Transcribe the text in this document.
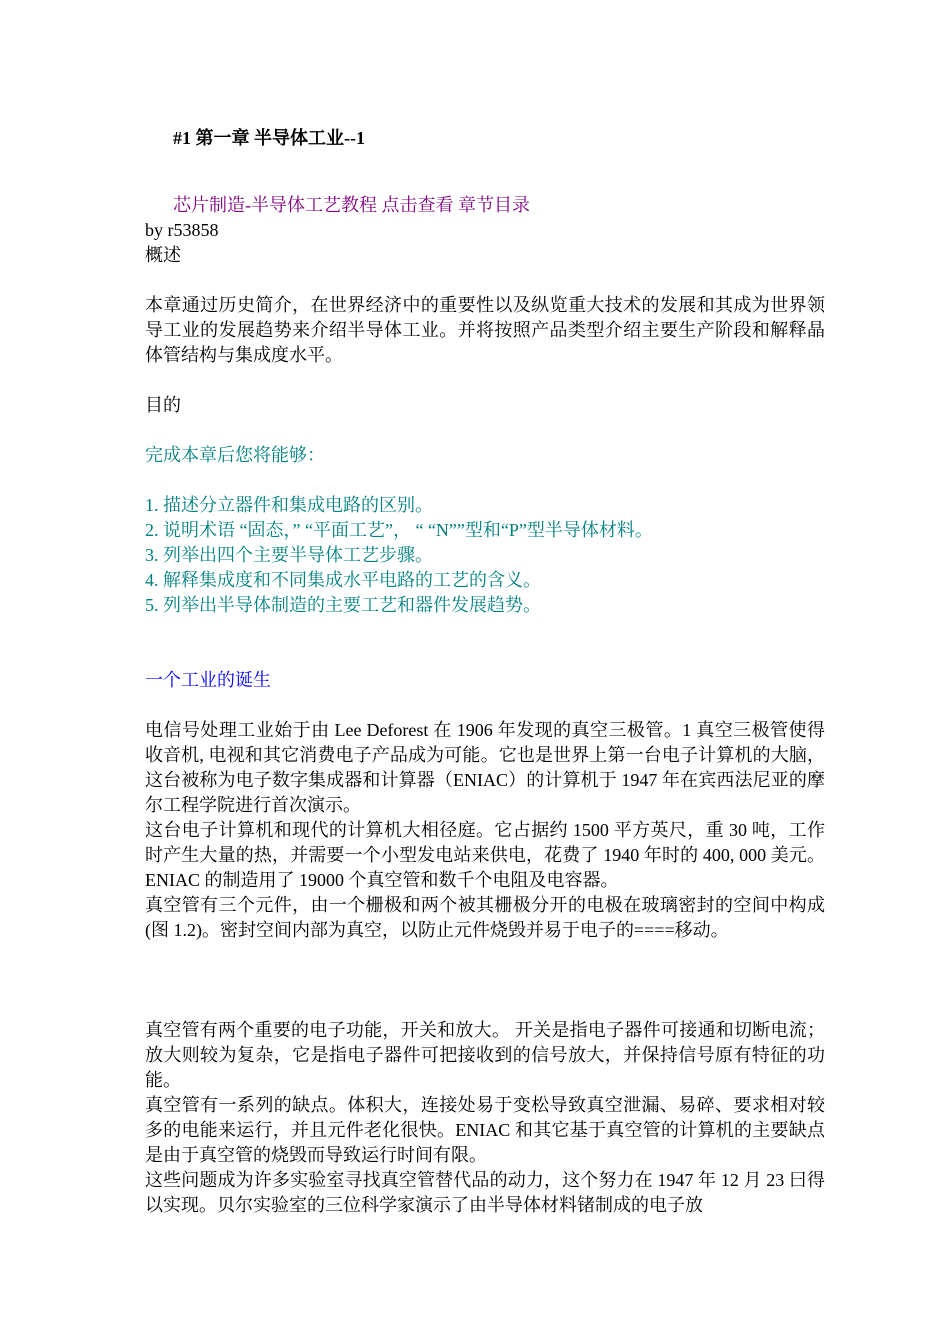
#1 第一章 半导体工业--1
芯片制造-半导体工艺教程 点击查看 章节目录
by r53858
概述

本章通过历史简介，在世界经济中的重要性以及纵览重大技术的发展和其成为世界领导工业的发展趋势来介绍半导体工业。并将按照产品类型介绍主要生产阶段和解释晶体管结构与集成度水平。

目的
完成本章后您将能够：
1. 描述分立器件和集成电路的区别。
2. 说明术语 “固态，” “平面工艺”， “ “N””型和“P”型半导体材料。
3. 列举出四个主要半导体工艺步骤。
4. 解释集成度和不同集成水平电路的工艺的含义。
5. 列举出半导体制造的主要工艺和器件发展趋势。
一个工业的诞生

电信号处理工业始于由 Lee Deforest 在 1906 年发现的真空三极管。1 真空三极管使得收音机, 电视和其它消费电子产品成为可能。它也是世界上第一台电子计算机的大脑，这台被称为电子数字集成器和计算器（ENIAC）的计算机于 1947 年在宾西法尼亚的摩尔工程学院进行首次演示。

这台电子计算机和现代的计算机大相径庭。它占据约 1500 平方英尺，重 30 吨，工作时产生大量的热，并需要一个小型发电站来供电，花费了 1940 年时的 400, 000 美元。ENIAC 的制造用了 19000 个真空管和数千个电阻及电容器。

真空管有三个元件，由一个栅极和两个被其栅极分开的电极在玻璃密封的空间中构成(图 1.2)。密封空间内部为真空，以防止元件烧毁并易于电子的====移动。

真空管有两个重要的电子功能，开关和放大。 开关是指电子器件可接通和切断电流； 放大则较为复杂，它是指电子器件可把接收到的信号放大，并保持信号原有特征的功能。

真空管有一系列的缺点。体积大，连接处易于变松导致真空泄漏、易碎、要求相对较多的电能来运行，并且元件老化很快。ENIAC 和其它基于真空管的计算机的主要缺点是由于真空管的烧毁而导致运行时间有限。

这些问题成为许多实验室寻找真空管替代品的动力，这个努力在 1947 年 12 月 23 曰得以实现。贝尔实验室的三位科学家演示了由半导体材料锗制成的电子放
